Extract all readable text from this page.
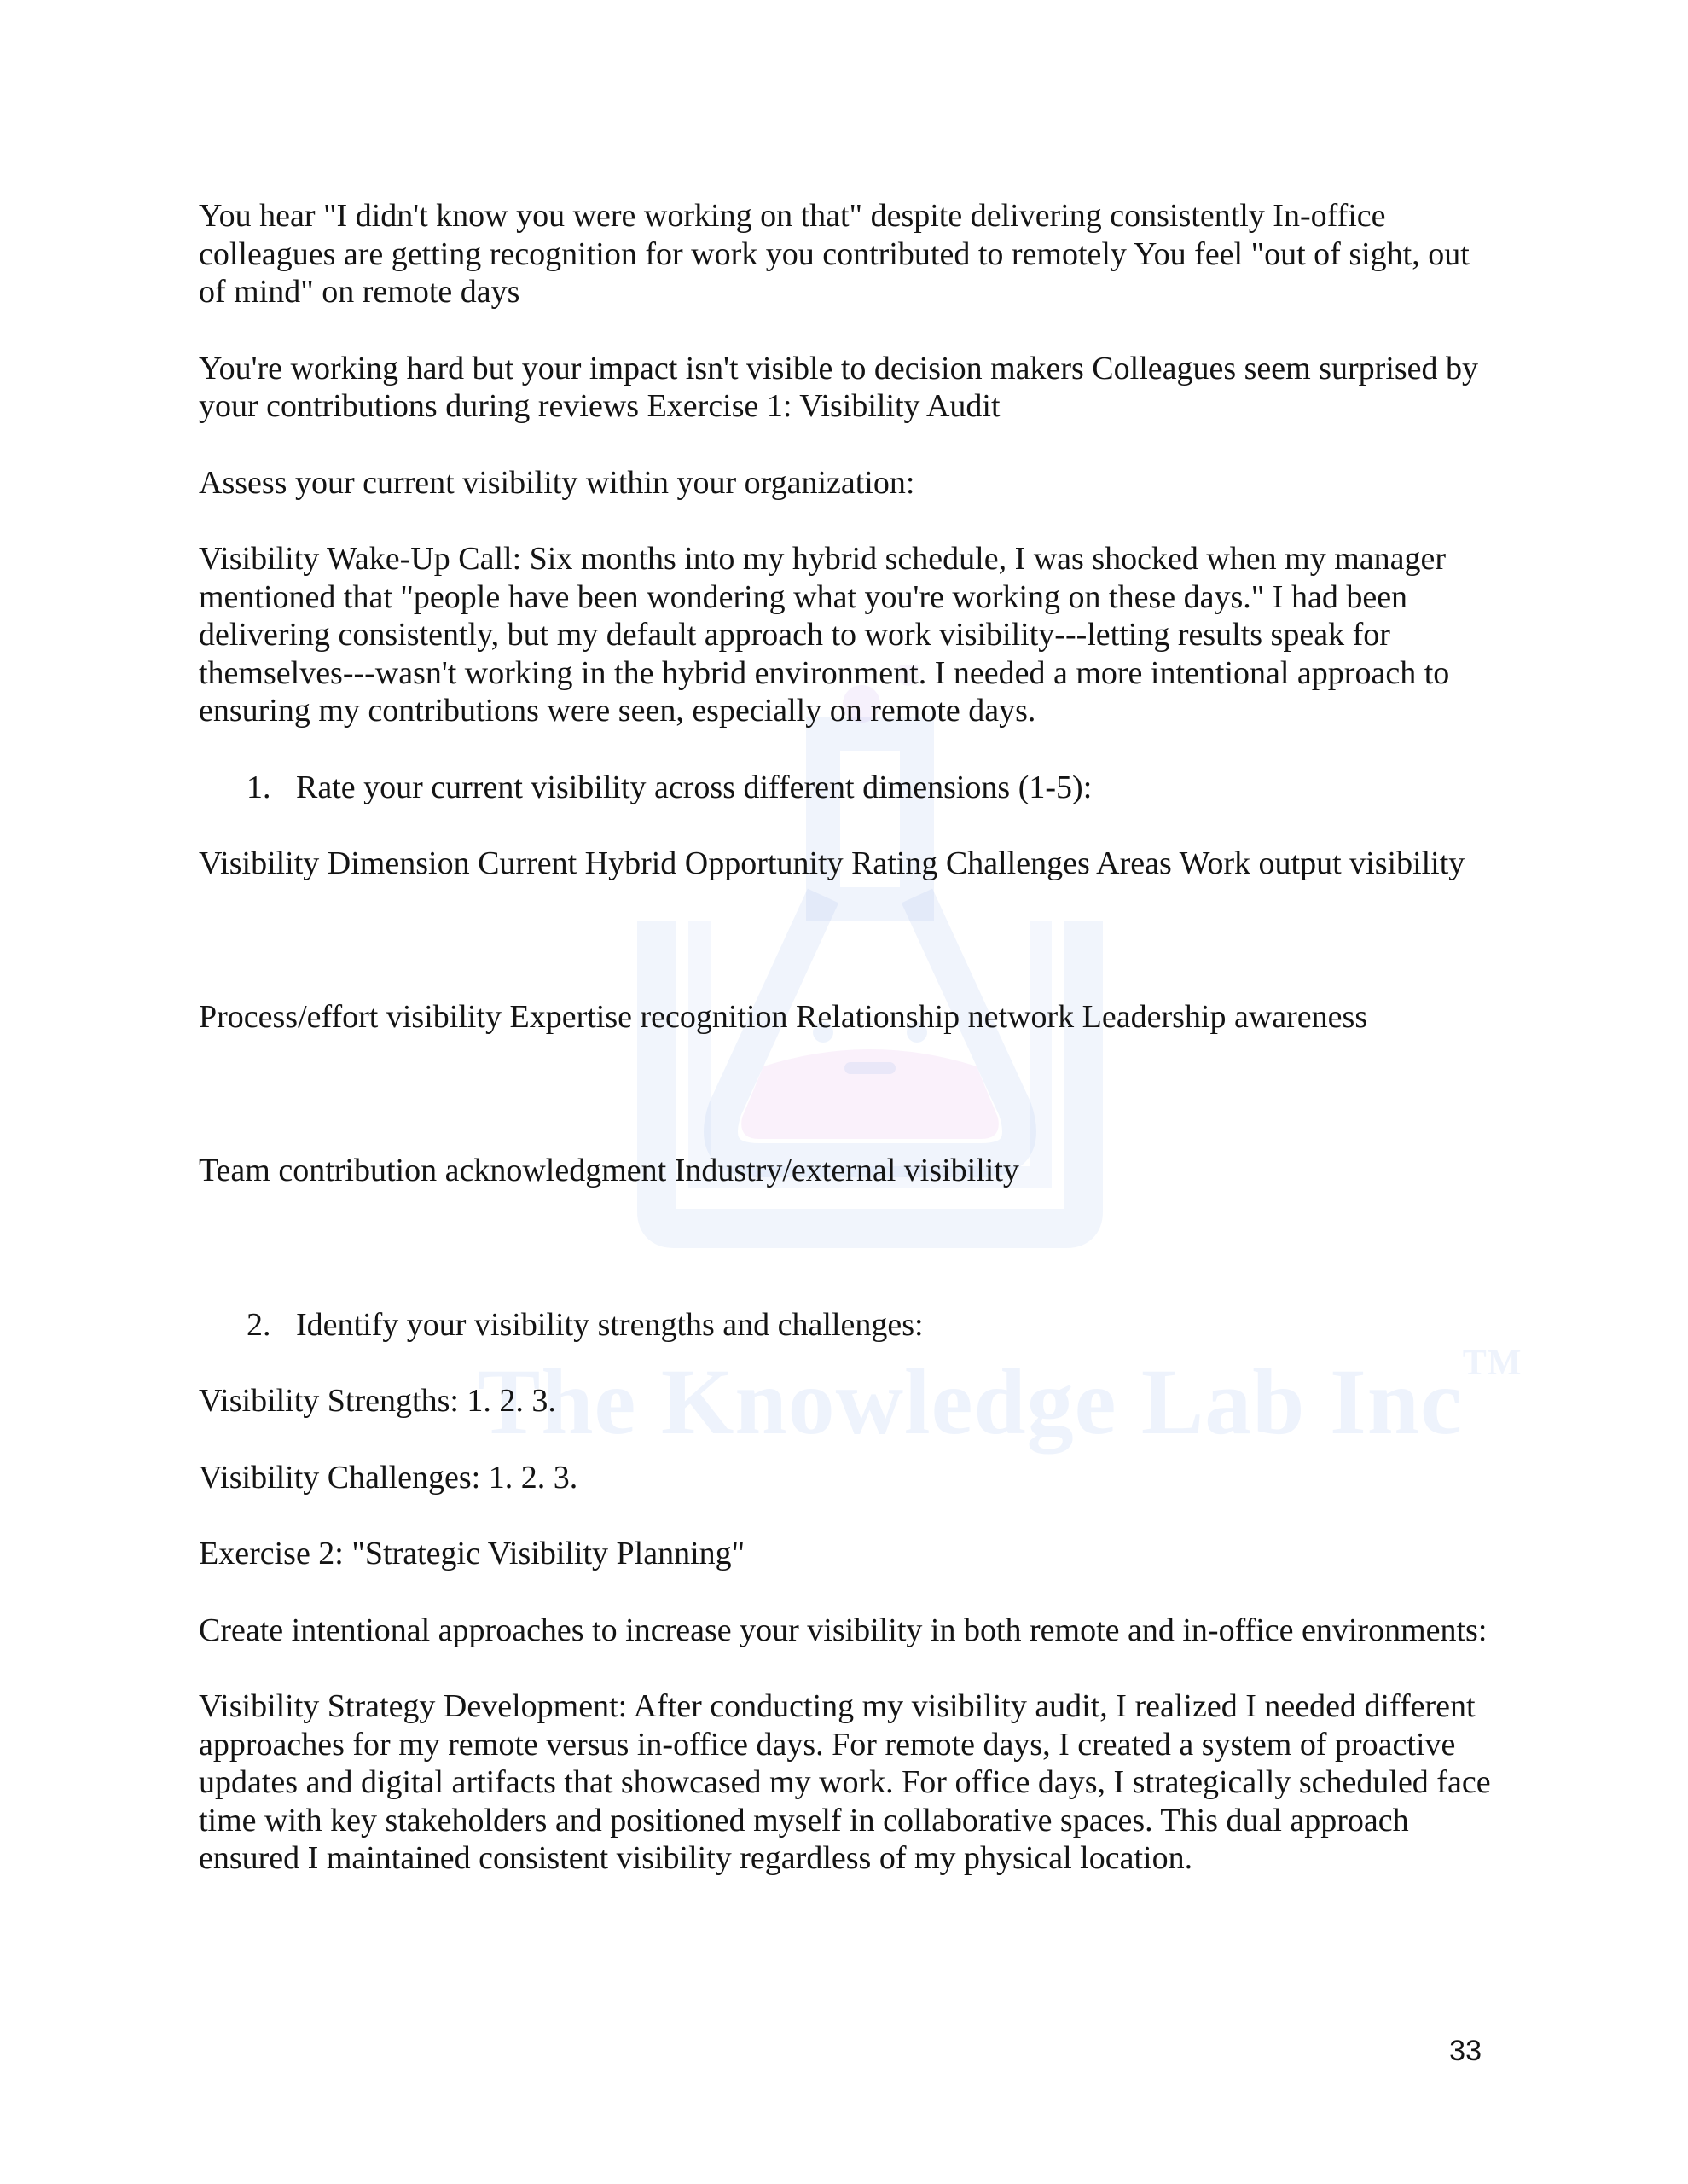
The Knowledge Lab Inc™

You hear "I didn't know you were working on that" despite delivering consistently In-office colleagues are getting recognition for work you contributed to remotely You feel "out of sight, out of mind" on remote days

You're working hard but your impact isn't visible to decision makers Colleagues seem surprised by your contributions during reviews Exercise 1: Visibility Audit

Assess your current visibility within your organization:

Visibility Wake-Up Call: Six months into my hybrid schedule, I was shocked when my manager mentioned that "people have been wondering what you're working on these days." I had been delivering consistently, but my default approach to work visibility---letting results speak for themselves---wasn't working in the hybrid environment. I needed a more intentional approach to ensuring my contributions were seen, especially on remote days.

1. Rate your current visibility across different dimensions (1-5):

Visibility Dimension Current Hybrid Opportunity Rating Challenges Areas Work output visibility

Process/effort visibility Expertise recognition Relationship network Leadership awareness

Team contribution acknowledgment Industry/external visibility

2. Identify your visibility strengths and challenges:

Visibility Strengths: 1. 2. 3.

Visibility Challenges: 1. 2. 3.

Exercise 2: "Strategic Visibility Planning"

Create intentional approaches to increase your visibility in both remote and in-office environments:

Visibility Strategy Development: After conducting my visibility audit, I realized I needed different approaches for my remote versus in-office days. For remote days, I created a system of proactive updates and digital artifacts that showcased my work. For office days, I strategically scheduled face time with key stakeholders and positioned myself in collaborative spaces. This dual approach ensured I maintained consistent visibility regardless of my physical location.

33
